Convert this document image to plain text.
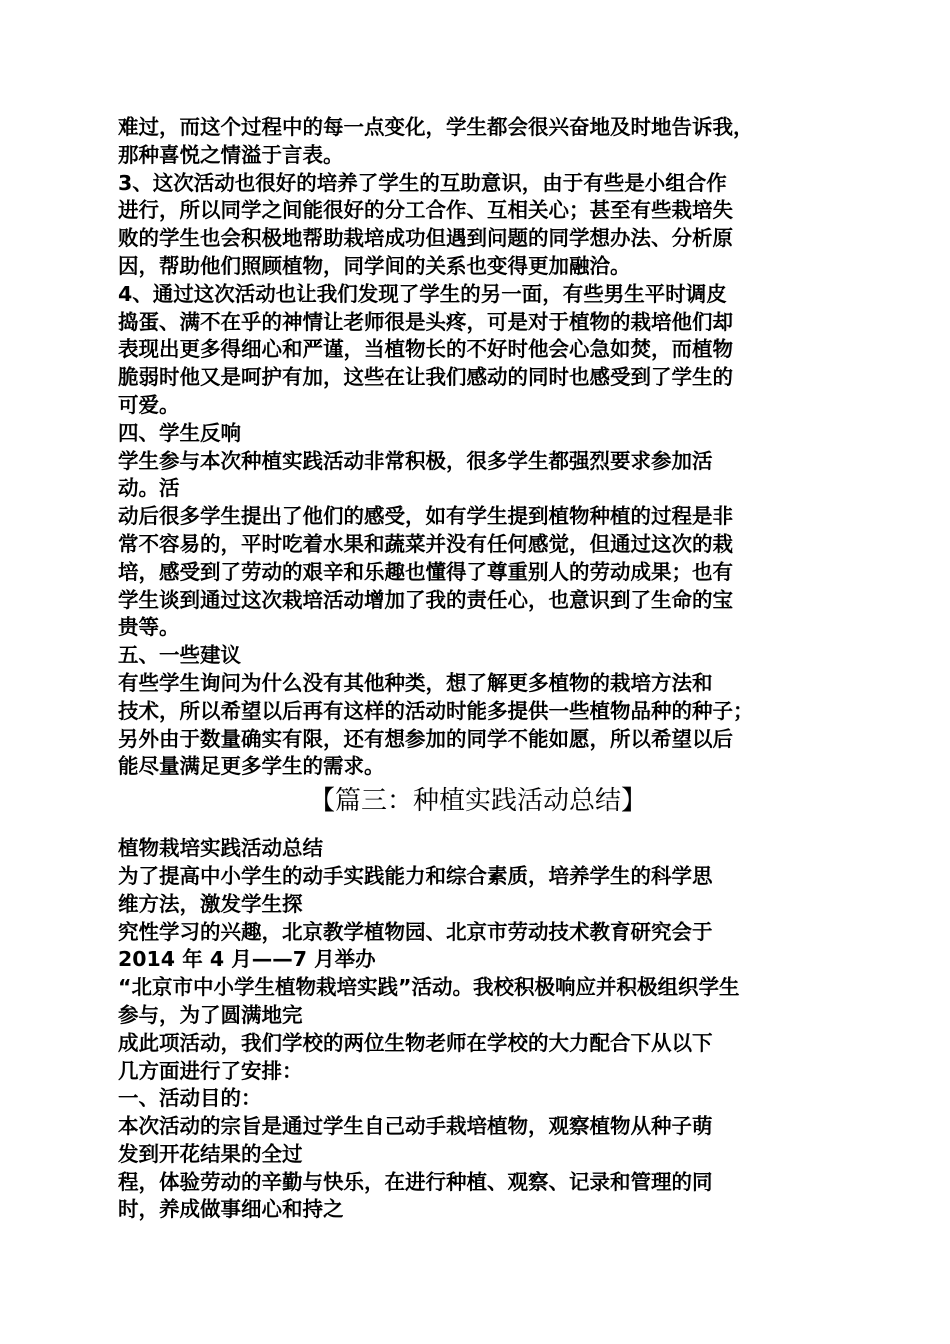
难过，而这个过程中的每一点变化，学生都会很兴奋地及时地告诉我，
那种喜悦之情溢于言表。
3、这次活动也很好的培养了学生的互助意识，由于有些是小组合作
进行，所以同学之间能很好的分工合作、互相关心；甚至有些栽培失
败的学生也会积极地帮助栽培成功但遇到问题的同学想办法、分析原
因，帮助他们照顾植物，同学间的关系也变得更加融洽。
4、通过这次活动也让我们发现了学生的另一面，有些男生平时调皮
捣蛋、满不在乎的神情让老师很是头疼，可是对于植物的栽培他们却
表现出更多得细心和严谨，当植物长的不好时他会心急如焚，而植物
脆弱时他又是呵护有加，这些在让我们感动的同时也感受到了学生的
可爱。
四、学生反响
学生参与本次种植实践活动非常积极，很多学生都强烈要求参加活
动。活
动后很多学生提出了他们的感受，如有学生提到植物种植的过程是非
常不容易的，平时吃着水果和蔬菜并没有任何感觉，但通过这次的栽
培，感受到了劳动的艰辛和乐趣也懂得了尊重别人的劳动成果；也有
学生谈到通过这次栽培活动增加了我的责任心，也意识到了生命的宝
贵等。
五、一些建议
有些学生询问为什么没有其他种类，想了解更多植物的栽培方法和
技术，所以希望以后再有这样的活动时能多提供一些植物品种的种子；
另外由于数量确实有限，还有想参加的同学不能如愿，所以希望以后
能尽量满足更多学生的需求。
【篇三：种植实践活动总结】
植物栽培实践活动总结
为了提高中小学生的动手实践能力和综合素质，培养学生的科学思
维方法，激发学生探
究性学习的兴趣，北京教学植物园、北京市劳动技术教育研究会于
2014 年 4 月——7 月举办
“北京市中小学生植物栽培实践”活动。我校积极响应并积极组织学生
参与，为了圆满地完
成此项活动，我们学校的两位生物老师在学校的大力配合下从以下
几方面进行了安排：
一、活动目的：
本次活动的宗旨是通过学生自己动手栽培植物，观察植物从种子萌
发到开花结果的全过
程，体验劳动的辛勤与快乐，在进行种植、观察、记录和管理的同
时，养成做事细心和持之
